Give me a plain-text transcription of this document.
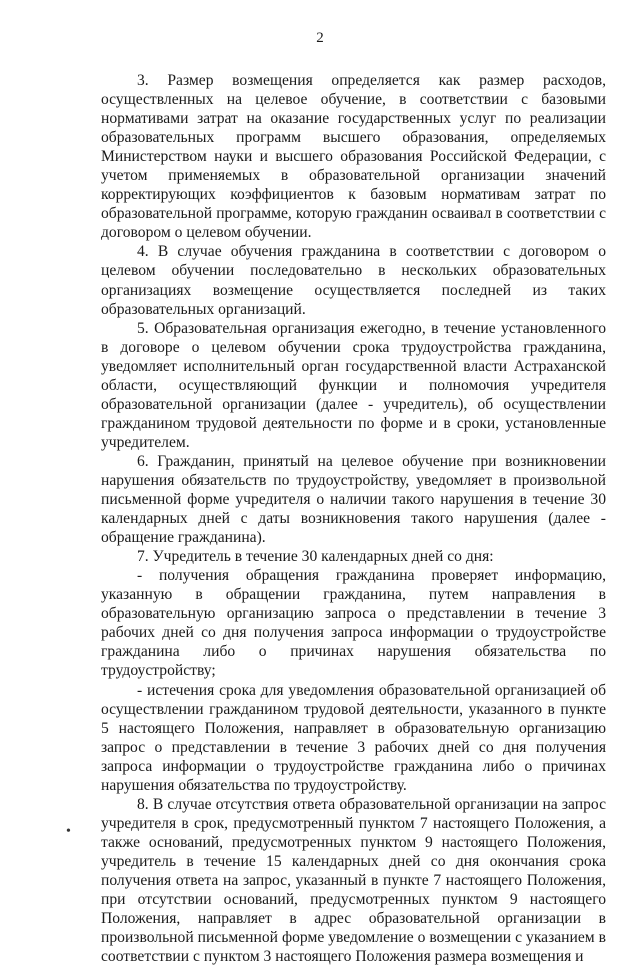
2

3. Размер возмещения определяется как размер расходов, осуществленных на целевое обучение, в соответствии с базовыми нормативами затрат на оказание государственных услуг по реализации образовательных программ высшего образования, определяемых Министерством науки и высшего образования Российской Федерации, с учетом применяемых в образовательной организации значений корректирующих коэффициентов к базовым нормативам затрат по образовательной программе, которую гражданин осваивал в соответствии с договором о целевом обучении.

4. В случае обучения гражданина в соответствии с договором о целевом обучении последовательно в нескольких образовательных организациях возмещение осуществляется последней из таких образовательных организаций.

5. Образовательная организация ежегодно, в течение установленного в договоре о целевом обучении срока трудоустройства гражданина, уведомляет исполнительный орган государственной власти Астраханской области, осуществляющий функции и полномочия учредителя образовательной организации (далее - учредитель), об осуществлении гражданином трудовой деятельности по форме и в сроки, установленные учредителем.

6. Гражданин, принятый на целевое обучение при возникновении нарушения обязательств по трудоустройству, уведомляет в произвольной письменной форме учредителя о наличии такого нарушения в течение 30 календарных дней с даты возникновения такого нарушения (далее - обращение гражданина).

7. Учредитель в течение 30 календарных дней со дня:

- получения обращения гражданина проверяет информацию, указанную в обращении гражданина, путем направления в образовательную организацию запроса о представлении в течение 3 рабочих дней со дня получения запроса информации о трудоустройстве гражданина либо о причинах нарушения обязательства по трудоустройству;

- истечения срока для уведомления образовательной организацией об осуществлении гражданином трудовой деятельности, указанного в пункте 5 настоящего Положения, направляет в образовательную организацию запрос о представлении в течение 3 рабочих дней со дня получения запроса информации о трудоустройстве гражданина либо о причинах нарушения обязательства по трудоустройству.

8. В случае отсутствия ответа образовательной организации на запрос учредителя в срок, предусмотренный пунктом 7 настоящего Положения, а также оснований, предусмотренных пунктом 9 настоящего Положения, учредитель в течение 15 календарных дней со дня окончания срока получения ответа на запрос, указанный в пункте 7 настоящего Положения, при отсутствии оснований, предусмотренных пунктом 9 настоящего Положения, направляет в адрес образовательной организации в произвольной письменной форме уведомление о возмещении с указанием в соответствии с пунктом 3 настоящего Положения размера возмещения и

•
